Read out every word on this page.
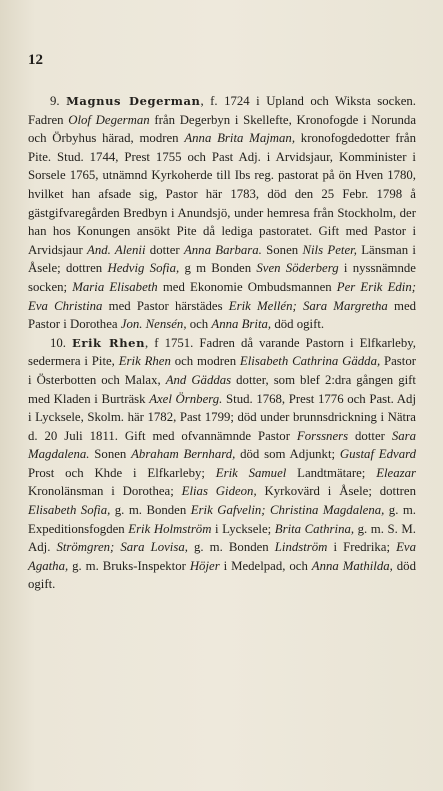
12

9. Magnus Degerman, f. 1724 i Upland och Wiksta socken. Fadren Olof Degerman från Degerbyn i Skellefte, Kronofogde i Norunda och Örbyhus härad, modren Anna Brita Majman, kronofogdedotter från Pite. Stud. 1744, Prest 1755 och Past Adj. i Arvidsjaur, Komminister i Sorsele 1765, utnämnd Kyrkoherde till Ibs reg. pastorat på ön Hven 1780, hvilket han afsade sig, Pastor här 1783, död den 25 Febr. 1798 å gästgifvaregården Bredbyn i Anundsjö, under hemresa från Stockholm, der han hos Konungen ansökt Pite då lediga pastoratet. Gift med Pastor i Arvidsjaur And. Alenii dotter Anna Barbara. Sonen Nils Peter, Länsman i Åsele; dottren Hedvig Sofia, g m Bonden Sven Söderberg i nyssnämnde socken; Maria Elisabeth med Ekonomie Ombudsmannen Per Erik Edin; Eva Christina med Pastor härstädes Erik Mellén; Sara Margretha med Pastor i Dorothea Jon. Nensén, och Anna Brita, död ogift.

10. Erik Rhen, f 1751. Fadren då varande Pastorn i Elfkarleby, sedermera i Pite, Erik Rhen och modren Elisabeth Cathrina Gädda, Pastor i Österbotten och Malax, And Gäddas dotter, som blef 2:dra gången gift med Kladen i Burträsk Axel Örnberg. Stud. 1768, Prest 1776 och Past. Adj i Lycksele, Skolm. här 1782, Past 1799; död under brunnsdrickning i Nätra d. 20 Juli 1811. Gift med ofvannämnde Pastor Forssners dotter Sara Magdalena. Sonen Abraham Bernhard, död som Adjunkt; Gustaf Edvard Prost och Khde i Elfkarleby; Erik Samuel Landtmätare; Eleazar Kronolänsman i Dorothea; Elias Gideon, Kyrkovärd i Åsele; dottren Elisabeth Sofia, g. m. Bonden Erik Gafvelin; Christina Magdalena, g. m. Expeditionsfogden Erik Holmström i Lycksele; Brita Cathrina, g. m. S. M. Adj. Strömgren; Sara Lovisa, g. m. Bonden Lindström i Fredrika; Eva Agatha, g. m. Bruks-Inspektor Höjer i Medelpad, och Anna Mathilda, död ogift.
